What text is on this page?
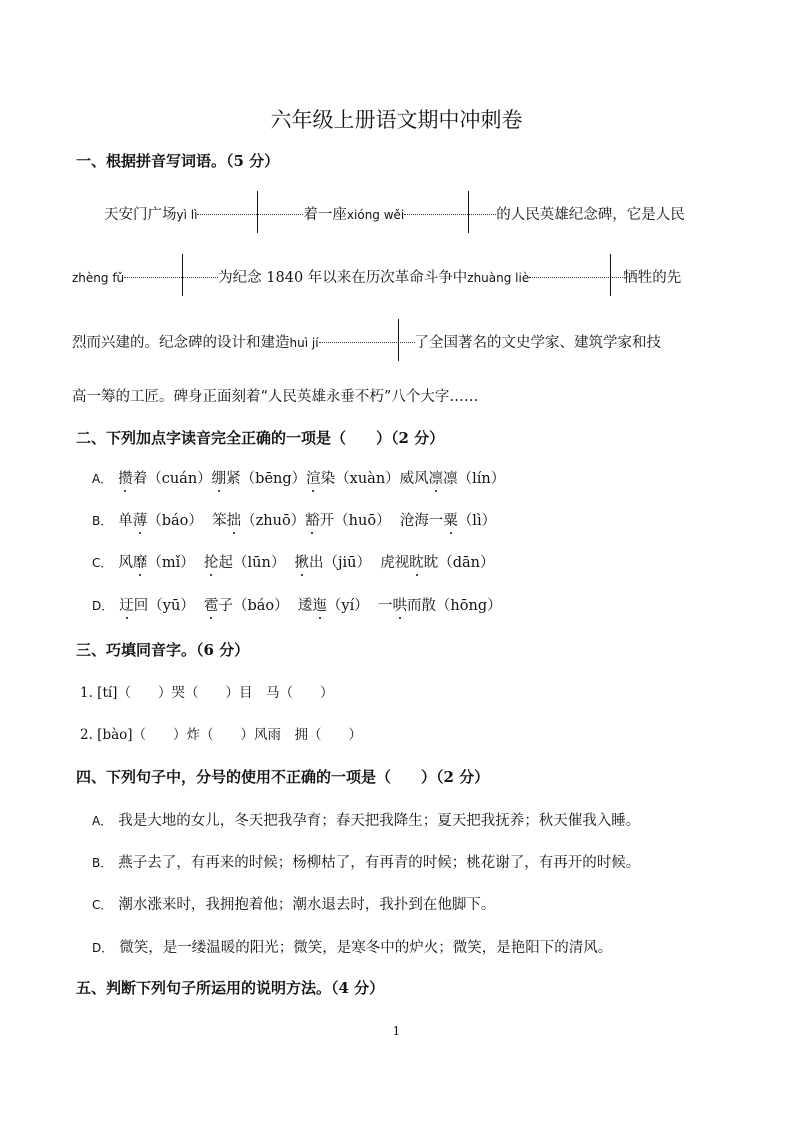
六年级上册语文期中冲刺卷
一、根据拼音写词语。（5 分）
天安门广场yì lì	着一座xióng wěi	的人民英雄纪念碑，它是人民
zhèng fǔ	为纪念 1840 年以来在历次革命斗争中zhuàng liè	牺牲的先
烈而兴建的。纪念碑的设计和建造huì jí	了全国著名的文史学家、建筑学家和技
高一筹的工匠。碑身正面刻着“人民英雄永垂不朽”八个大字……
二、下列加点字读音完全正确的一项是（　　）（2 分）
A． 攒着（cuán）绷紧（bēng）渲染（xuàn）威风凛凛（lín）
B． 单薄（báo） 笨拙（zhuō）豁开（huō） 沧海一粟（lì）
C． 风靡（mǐ） 抡起（lūn） 揪出（jiū） 虎视眈眈（dān）
D． 迂回（yū） 雹子（báo） 逶迤（yí） 一哄而散（hōng）
三、巧填同音字。（6 分）
1. [tí]（　　）哭（　　）目　马（　　）
2. [bào]（　　）炸（　　）风雨　拥（　　）
四、下列句子中，分号的使用不正确的一项是（　　）（2 分）
A． 我是大地的女儿，冬天把我孕育；春天把我降生；夏天把我抚养；秋天催我入睡。
B． 燕子去了，有再来的时候；杨柳枯了，有再青的时候；桃花谢了，有再开的时候。
C． 潮水涨来时，我拥抱着他；潮水退去时，我扑到在他脚下。
D． 微笑，是一缕温暖的阳光；微笑，是寒冬中的炉火；微笑，是艳阳下的清风。
五、判断下列句子所运用的说明方法。（4 分）
1
